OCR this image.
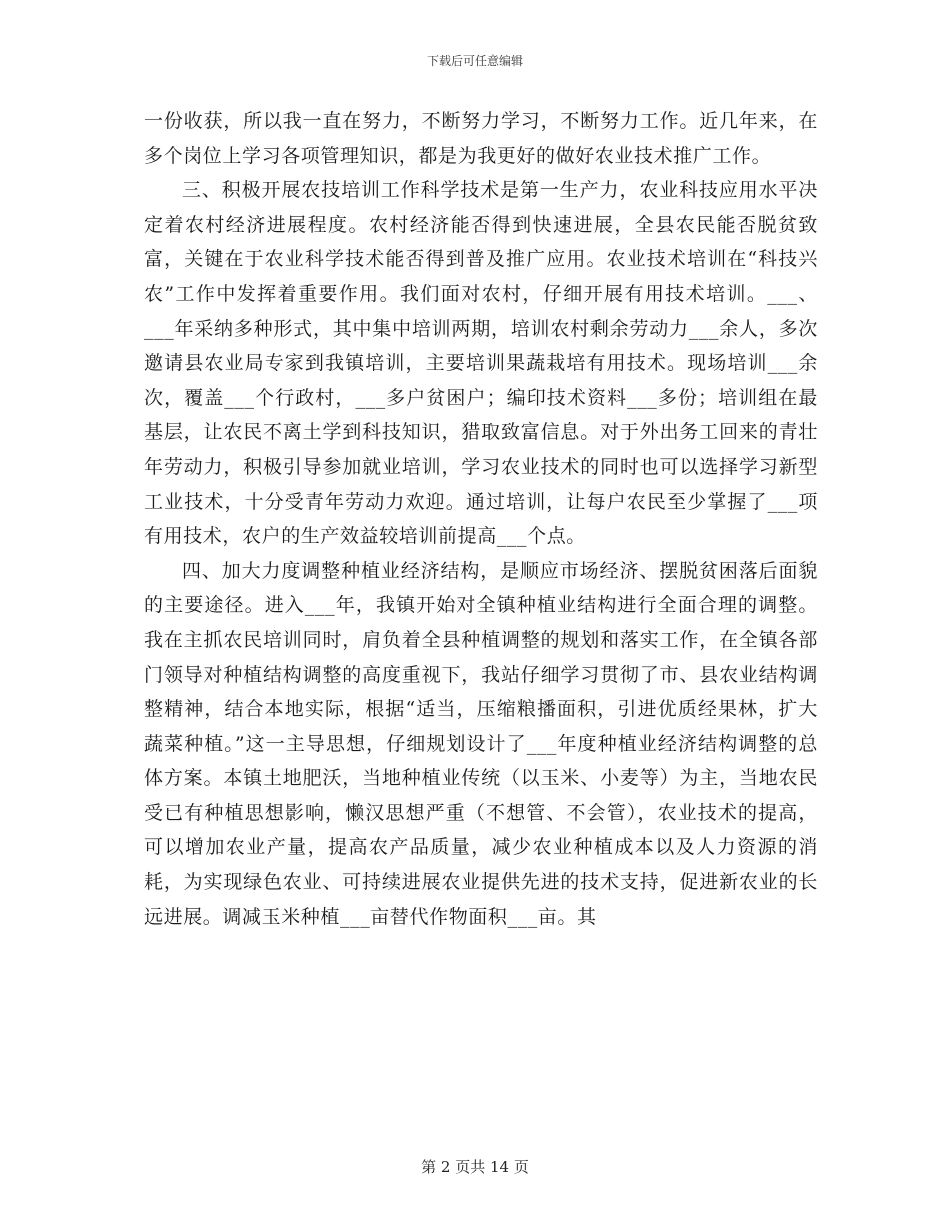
下载后可任意编辑

一份收获，所以我一直在努力，不断努力学习，不断努力工作。近几年来，在多个岗位上学习各项管理知识，都是为我更好的做好农业技术推广工作。

三、积极开展农技培训工作科学技术是第一生产力，农业科技应用水平决定着农村经济进展程度。农村经济能否得到快速进展，全县农民能否脱贫致富，关键在于农业科学技术能否得到普及推广应用。农业技术培训在“科技兴农”工作中发挥着重要作用。我们面对农村，仔细开展有用技术培训。___、___年采纳多种形式，其中集中培训两期，培训农村剩余劳动力___余人，多次邀请县农业局专家到我镇培训，主要培训果蔬栽培有用技术。现场培训___余次，覆盖___个行政村，___多户贫困户；编印技术资料___多份；培训组在最基层，让农民不离土学到科技知识，猎取致富信息。对于外出务工回来的青壮年劳动力，积极引导参加就业培训，学习农业技术的同时也可以选择学习新型工业技术，十分受青年劳动力欢迎。通过培训，让每户农民至少掌握了___项有用技术，农户的生产效益较培训前提高___个点。

四、加大力度调整种植业经济结构，是顺应市场经济、摆脱贫困落后面貌的主要途径。进入___年，我镇开始对全镇种植业结构进行全面合理的调整。我在主抓农民培训同时，肩负着全县种植调整的规划和落实工作，在全镇各部门领导对种植结构调整的高度重视下，我站仔细学习贯彻了市、县农业结构调整精神，结合本地实际，根据“适当，压缩粮播面积，引进优质经果林，扩大蔬菜种植。”这一主导思想，仔细规划设计了___年度种植业经济结构调整的总体方案。本镇土地肥沃，当地种植业传统（以玉米、小麦等）为主，当地农民受已有种植思想影响，懒汉思想严重（不想管、不会管），农业技术的提高，可以增加农业产量，提高农产品质量，减少农业种植成本以及人力资源的消耗，为实现绿色农业、可持续进展农业提供先进的技术支持，促进新农业的长远进展。调减玉米种植___亩替代作物面积___亩。其

第 2 页共 14 页
